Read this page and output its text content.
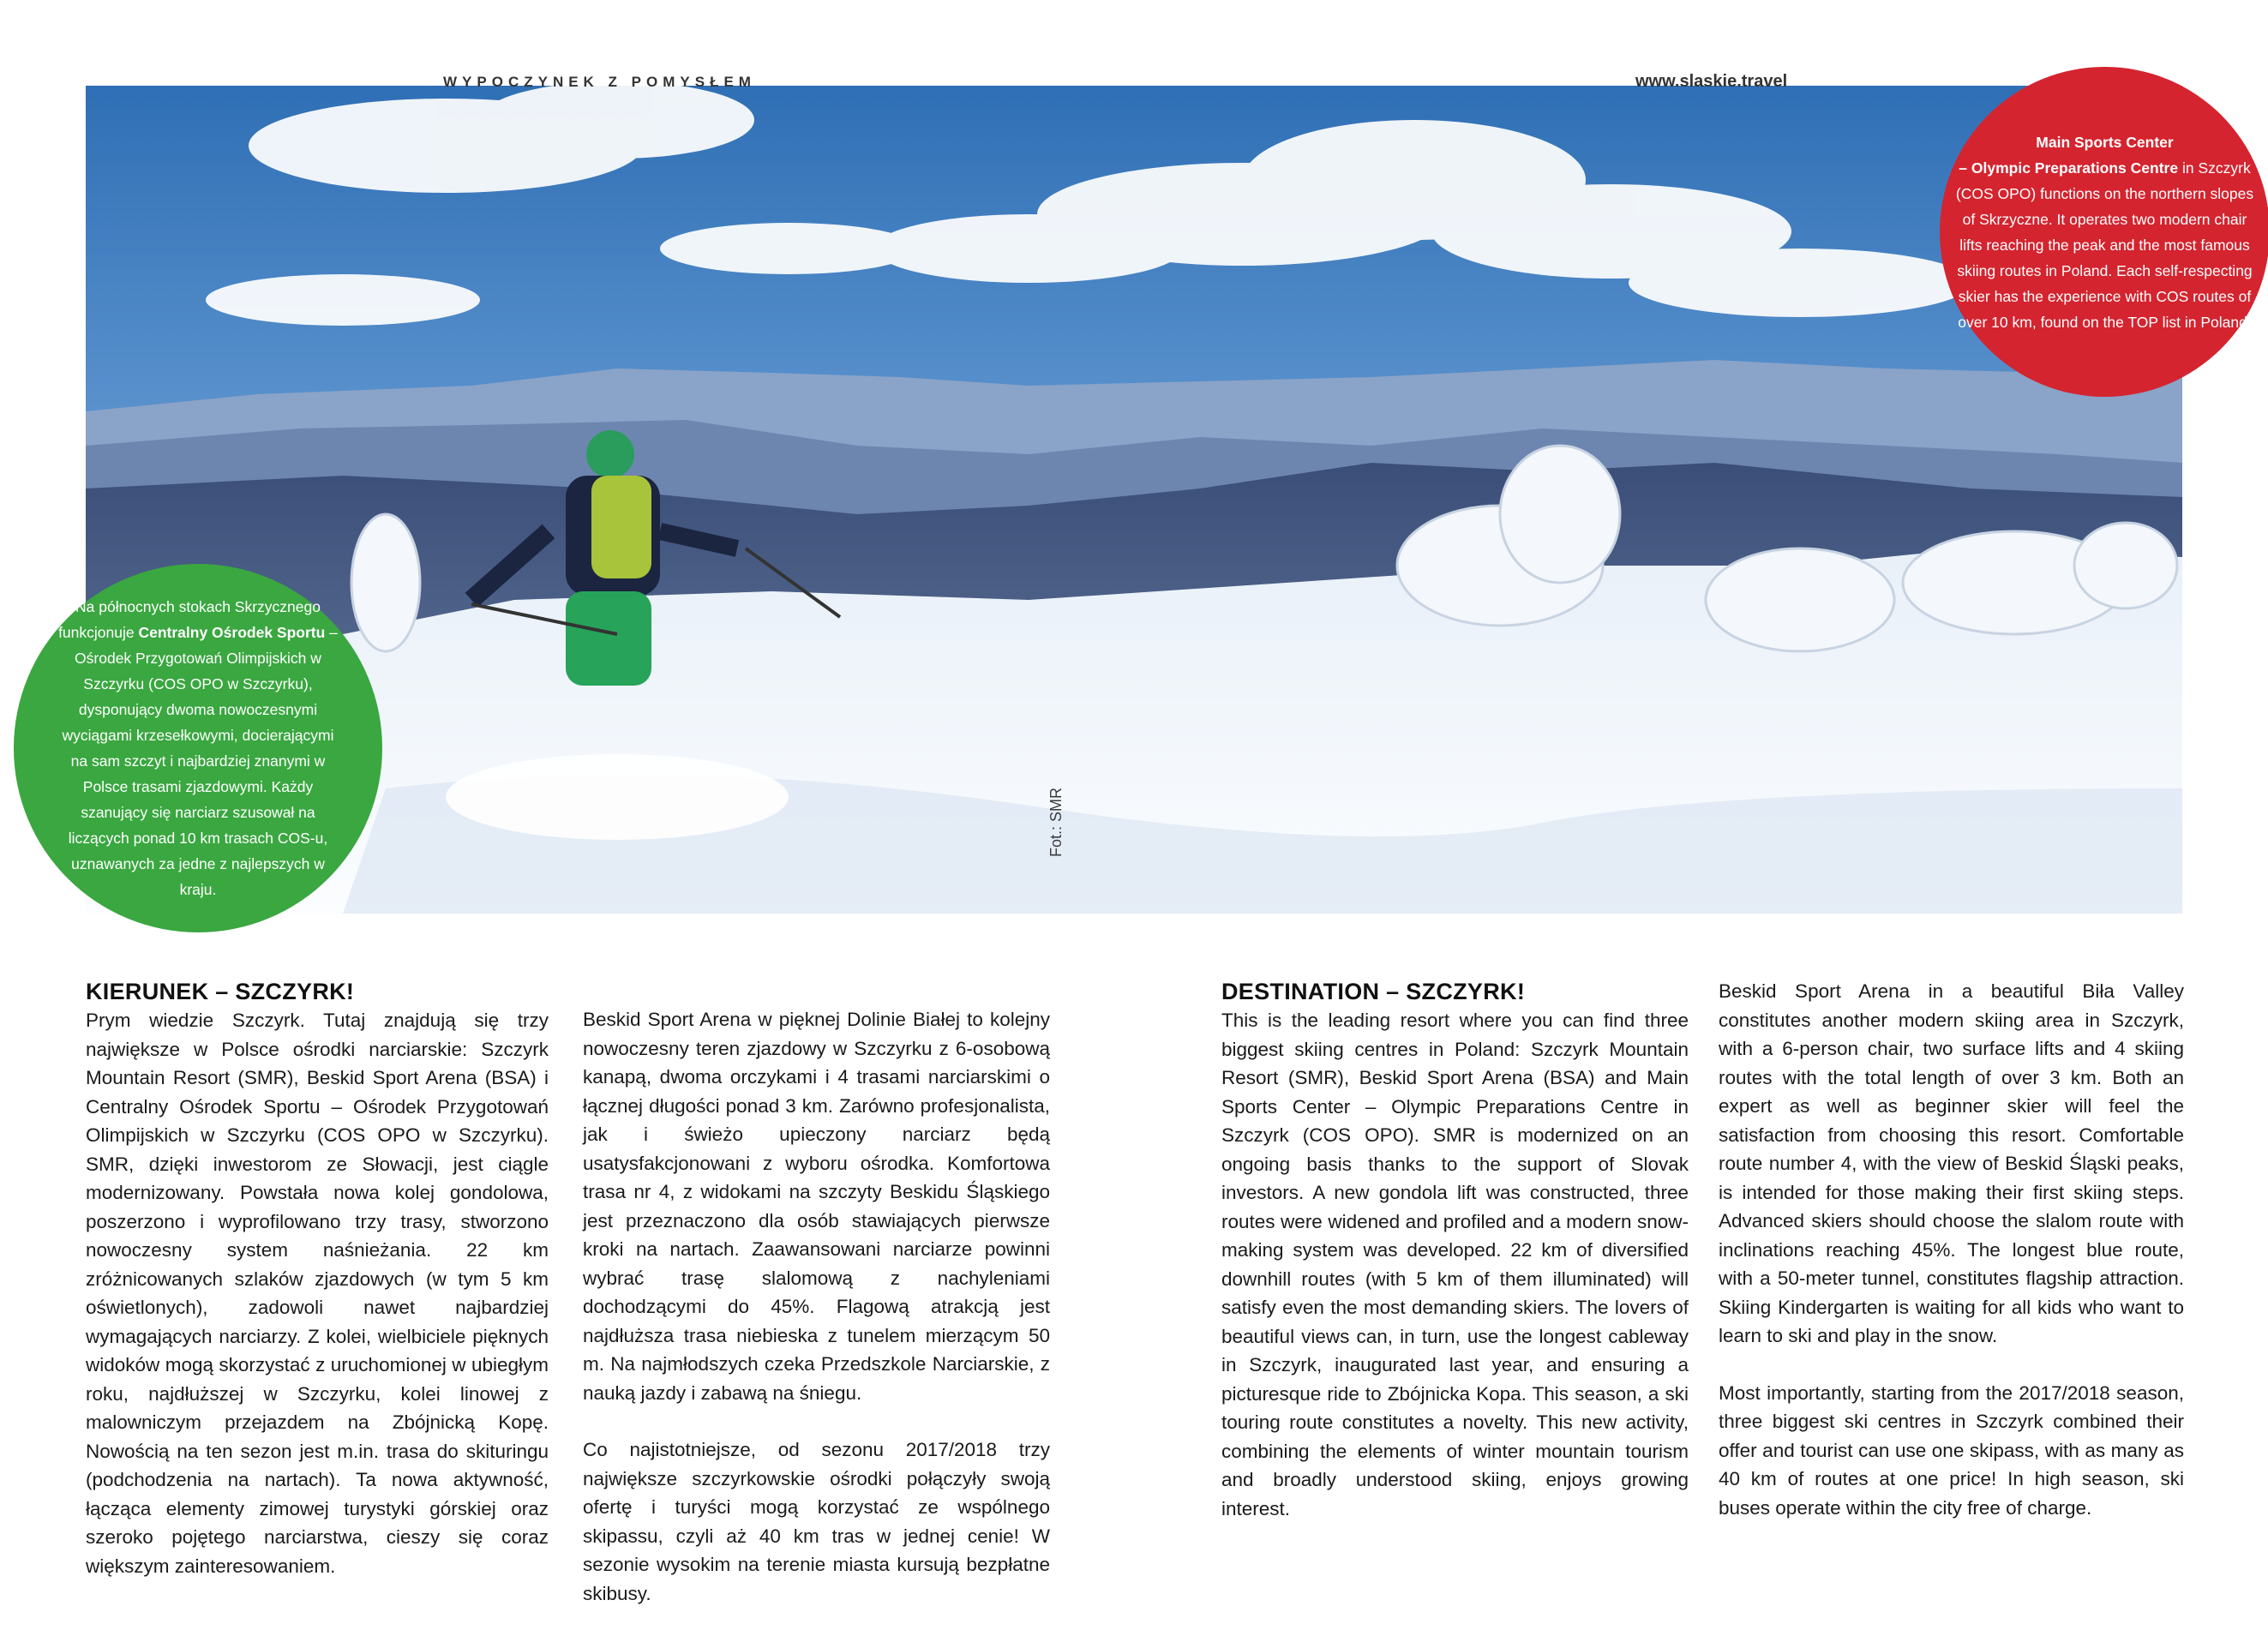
WYPOCZYNEK Z POMYSŁEM	www.slaskie.travel
Fot.: SMR
Na północnych stokach Skrzycznego funkcjonuje Centralny Ośrodek Sportu – Ośrodek Przygotowań Olimpijskich w Szczyrku (COS OPO w Szczyrku), dysponujący dwoma nowoczesnymi wyciągami krzesełkowymi, docierającymi na sam szczyt i najbardziej znanymi w Polsce trasami zjazdowymi. Każdy szanujący się narciarz szusował na liczących ponad 10 km trasach COS-u, uznawanych za jedne z najlepszych w kraju.
Main Sports Center
– Olympic Preparations Centre in Szczyrk (COS OPO) functions on the northern slopes of Skrzyczne. It operates two modern chair lifts reaching the peak and the most famous skiing routes in Poland. Each self-respecting skier has the experience with COS routes of over 10 km, found on the TOP list in Poland.
KIERUNEK – SZCZYRK!

Prym wiedzie Szczyrk. Tutaj znajdują się trzy największe w Polsce ośrodki narciarskie: Szczyrk Mountain Resort (SMR), Beskid Sport Arena (BSA) i Centralny Ośrodek Sportu – Ośrodek Przygotowań Olimpijskich w Szczyrku (COS OPO w Szczyrku). SMR, dzięki inwestorom ze Słowacji, jest ciągle modernizowany. Powstała nowa kolej gondolowa, poszerzono i wyprofilowano trzy trasy, stworzono nowoczesny system naśnieżania. 22 km zróżnicowanych szlaków zjazdowych (w tym 5 km oświetlonych), zadowoli nawet najbardziej wymagających narciarzy. Z kolei, wielbiciele pięknych widoków mogą skorzystać z uruchomionej w ubiegłym roku, najdłuższej w Szczyrku, kolei linowej z malowniczym przejazdem na Zbójnicką Kopę. Nowością na ten sezon jest m.in. trasa do skituringu (podchodzenia na nartach). Ta nowa aktywność, łącząca elementy zimowej turystyki górskiej oraz szeroko pojętego narciarstwa, cieszy się coraz większym zainteresowaniem.

Beskid Sport Arena w pięknej Dolinie Białej to kolejny nowoczesny teren zjazdowy w Szczyrku z 6-osobową kanapą, dwoma orczykami i 4 trasami narciarskimi o łącznej długości ponad 3 km. Zarówno profesjonalista, jak i świeżo upieczony narciarz będą usatysfakcjonowani z wyboru ośrodka. Komfortowa trasa nr 4, z widokami na szczyty Beskidu Śląskiego jest przeznaczono dla osób stawiających pierwsze kroki na nartach. Zaawansowani narciarze powinni wybrać trasę slalomową z nachyleniami dochodzącymi do 45%. Flagową atrakcją jest najdłuższa trasa niebieska z tunelem mierzącym 50 m. Na najmłodszych czeka Przedszkole Narciarskie, z nauką jazdy i zabawą na śniegu.

Co najistotniejsze, od sezonu 2017/2018 trzy największe szczyrkowskie ośrodki połączyły swoją ofertę i turyści mogą korzystać ze wspólnego skipassu, czyli aż 40 km tras w jednej cenie! W sezonie wysokim na terenie miasta kursują bezpłatne skibusy.

DESTINATION – SZCZYRK!

This is the leading resort where you can find three biggest skiing centres in Poland: Szczyrk Mountain Resort (SMR), Beskid Sport Arena (BSA) and Main Sports Center – Olympic Preparations Centre in Szczyrk (COS OPO). SMR is modernized on an ongoing basis thanks to the support of Slovak investors. A new gondola lift was constructed, three routes were widened and profiled and a modern snow-making system was developed. 22 km of diversified downhill routes (with 5 km of them illuminated) will satisfy even the most demanding skiers. The lovers of beautiful views can, in turn, use the longest cableway in Szczyrk, inaugurated last year, and ensuring a picturesque ride to Zbójnicka Kopa. This season, a ski touring route constitutes a novelty. This new activity, combining the elements of winter mountain tourism and broadly understood skiing, enjoys growing interest.

Beskid Sport Arena in a beautiful Biła Valley constitutes another modern skiing area in Szczyrk, with a 6-person chair, two surface lifts and 4 skiing routes with the total length of over 3 km. Both an expert as well as beginner skier will feel the satisfaction from choosing this resort. Comfortable route number 4, with the view of Beskid Śląski peaks, is intended for those making their first skiing steps. Advanced skiers should choose the slalom route with inclinations reaching 45%. The longest blue route, with a 50-meter tunnel, constitutes flagship attraction. Skiing Kindergarten is waiting for all kids who want to learn to ski and play in the snow.

Most importantly, starting from the 2017/2018 season, three biggest ski centres in Szczyrk combined their offer and tourist can use one skipass, with as many as 40 km of routes at one price! In high season, ski buses operate within the city free of charge.
